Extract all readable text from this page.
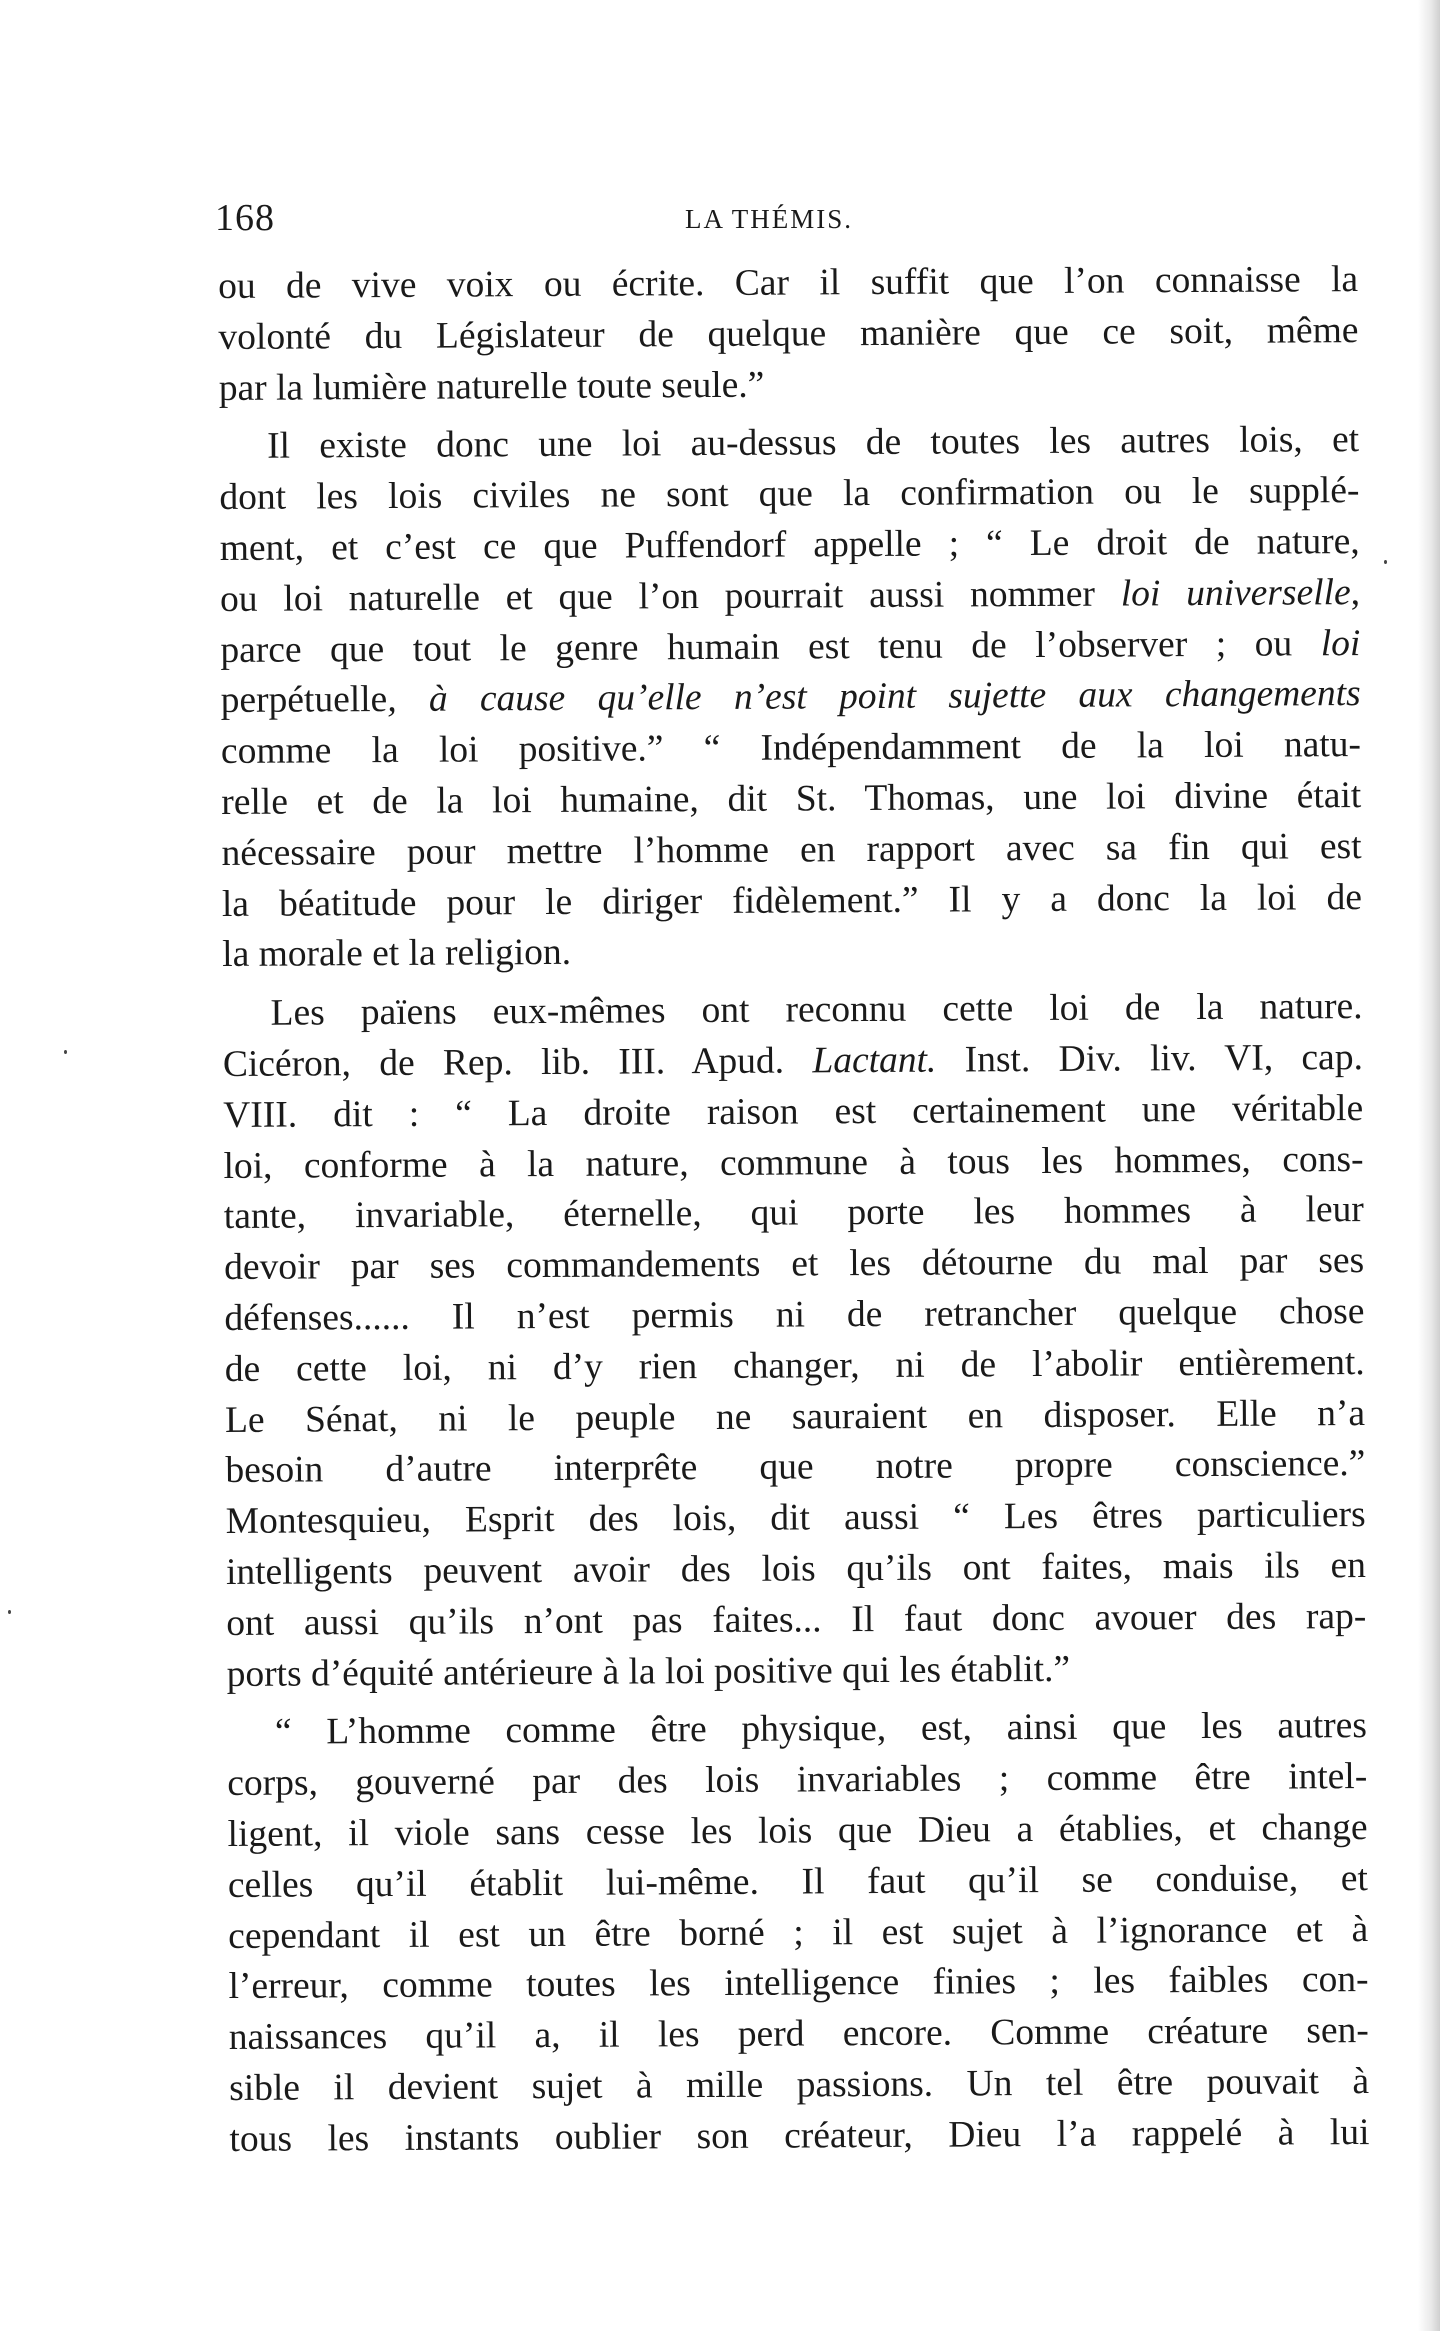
168	LA THÉMIS.
ou de vive voix ou écrite. Car il suffit que l’on connaisse la
volonté du Législateur de quelque manière que ce soit, même
par la lumière naturelle toute seule.”
Il existe donc une loi au-dessus de toutes les autres lois, et
dont les lois civiles ne sont que la confirmation ou le supplé-
ment, et c’est ce que Puffendorf appelle ; “ Le droit de nature,
ou loi naturelle et que l’on pourrait aussi nommer loi universelle,
parce que tout le genre humain est tenu de l’observer ; ou loi
perpétuelle, à cause qu’elle n’est point sujette aux changements
comme la loi positive.” “ Indépendamment de la loi natu-
relle et de la loi humaine, dit St. Thomas, une loi divine était
nécessaire pour mettre l’homme en rapport avec sa fin qui est
la béatitude pour le diriger fidèlement.” Il y a donc la loi de
la morale et la religion.
Les païens eux-mêmes ont reconnu cette loi de la nature.
Cicéron, de Rep. lib. III. Apud. Lactant. Inst. Div. liv. VI, cap.
VIII. dit : “ La droite raison est certainement une véritable
loi, conforme à la nature, commune à tous les hommes, cons-
tante, invariable, éternelle, qui porte les hommes à leur
devoir par ses commandements et les détourne du mal par ses
défenses...... Il n’est permis ni de retrancher quelque chose
de cette loi, ni d’y rien changer, ni de l’abolir entièrement.
Le Sénat, ni le peuple ne sauraient en disposer. Elle n’a
besoin d’autre interprête que notre propre conscience.”
Montesquieu, Esprit des lois, dit aussi “ Les êtres particuliers
intelligents peuvent avoir des lois qu’ils ont faites, mais ils en
ont aussi qu’ils n’ont pas faites... Il faut donc avouer des rap-
ports d’équité antérieure à la loi positive qui les établit.”
“ L’homme comme être physique, est, ainsi que les autres
corps, gouverné par des lois invariables ; comme être intel-
ligent, il viole sans cesse les lois que Dieu a établies, et change
celles qu’il établit lui-même. Il faut qu’il se conduise, et
cependant il est un être borné ; il est sujet à l’ignorance et à
l’erreur, comme toutes les intelligence finies ; les faibles con-
naissances qu’il a, il les perd encore. Comme créature sen-
sible il devient sujet à mille passions. Un tel être pouvait à
tous les instants oublier son créateur, Dieu l’a rappelé à lui
